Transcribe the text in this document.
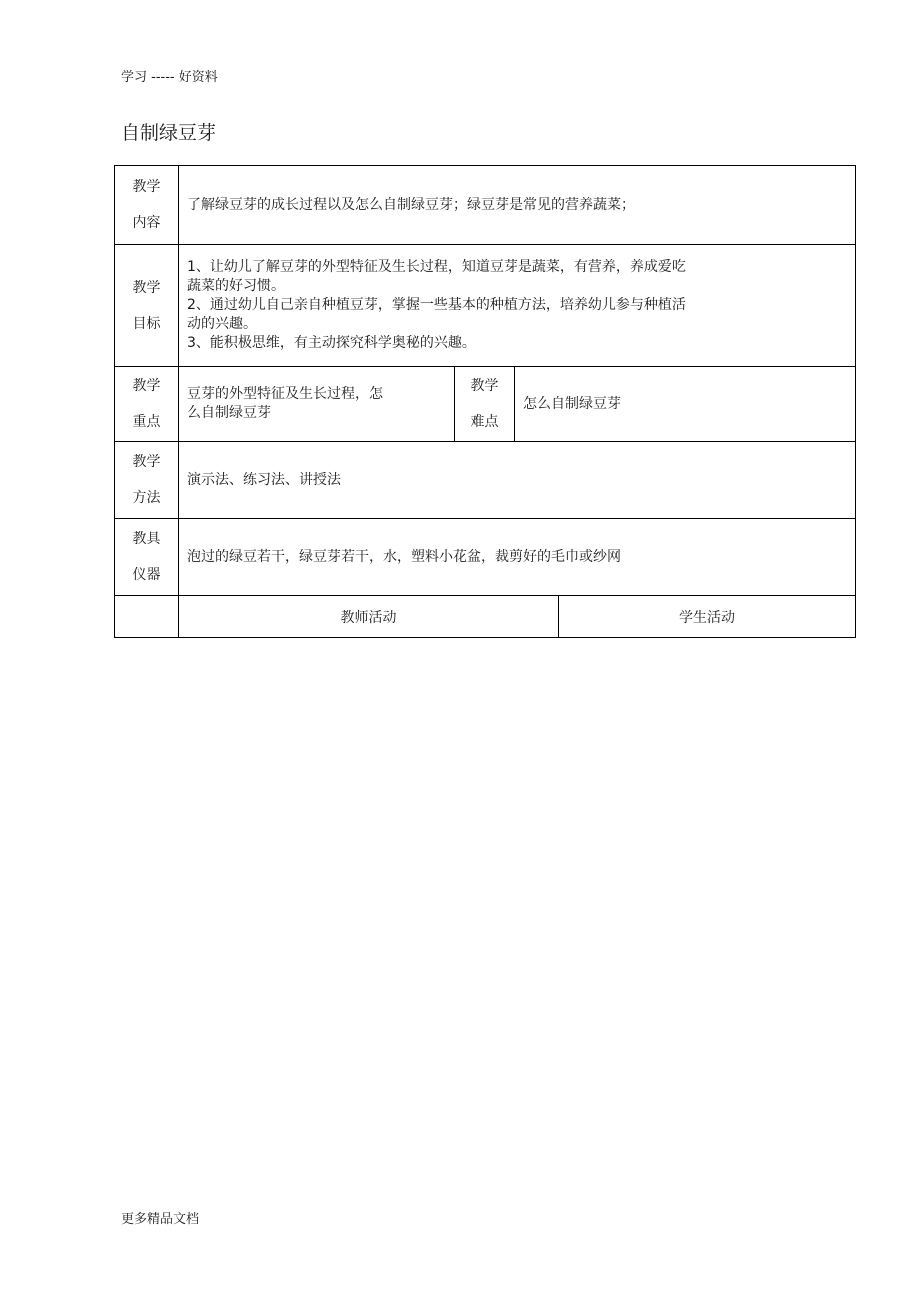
学习 ----- 好资料
自制绿豆芽
教学
内容	了解绿豆芽的成长过程以及怎么自制绿豆芽；绿豆芽是常见的营养蔬菜；			

教学
目标	1、让幼儿了解豆芽的外型特征及生长过程，知道豆芽是蔬菜，有营养，养成爱吃
蔬菜的好习惯。
2、通过幼儿自己亲自种植豆芽，掌握一些基本的种植方法，培养幼儿参与种植活
动的兴趣。
3、能积极思维，有主动探究科学奥秘的兴趣。			

教学
重点	豆芽的外型特征及生长过程，怎
么自制绿豆芽	教学
难点	怎么自制绿豆芽	

教学
方法	演示法、练习法、讲授法			

教具
仪器	泡过的绿豆若干，绿豆芽若干，水，塑料小花盆，裁剪好的毛巾或纱网			
	教师活动			学生活动
更多精品文档
